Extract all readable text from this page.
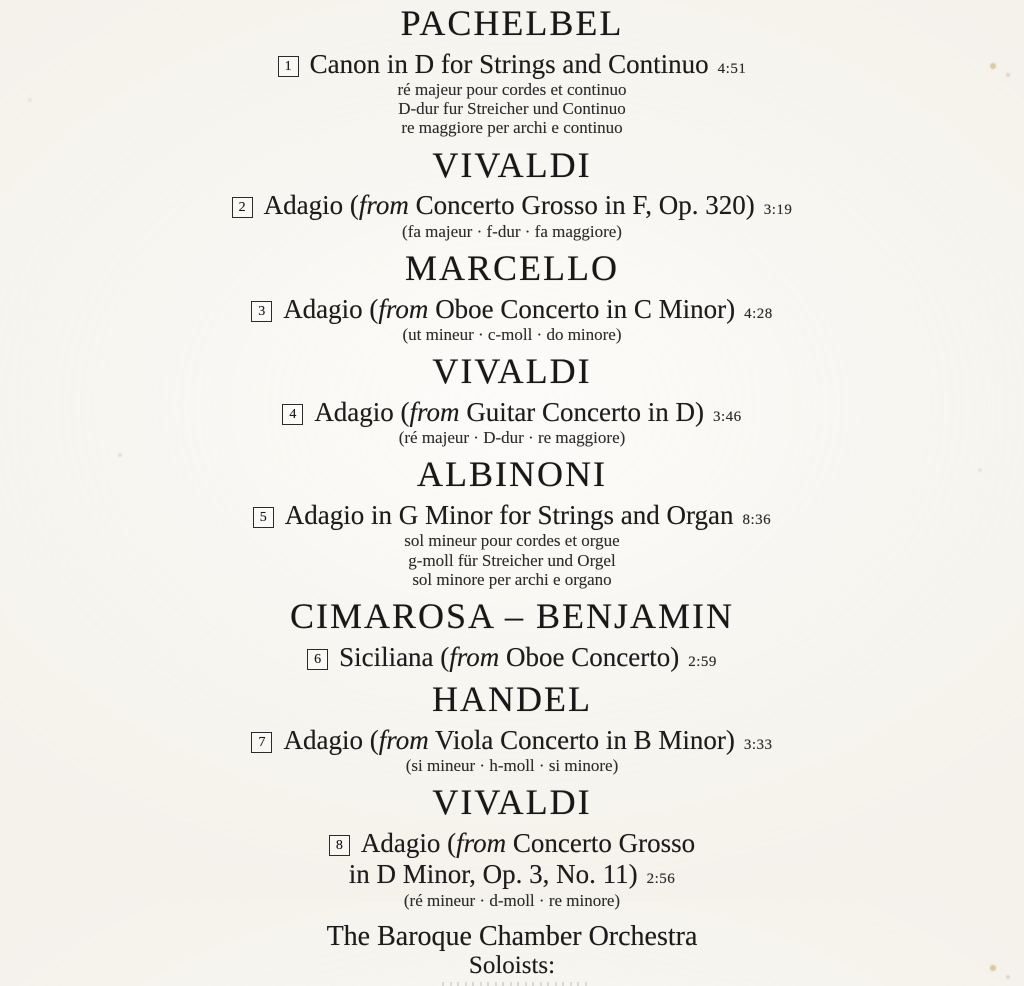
PACHELBEL
1 Canon in D for Strings and Continuo 4:51
ré majeur pour cordes et continuo
D-dur fur Streicher und Continuo
re maggiore per archi e continuo
VIVALDI
2 Adagio (from Concerto Grosso in F, Op. 320) 3:19
(fa majeur · f-dur · fa maggiore)
MARCELLO
3 Adagio (from Oboe Concerto in C Minor) 4:28
(ut mineur · c-moll · do minore)
VIVALDI
4 Adagio (from Guitar Concerto in D) 3:46
(ré majeur · D-dur · re maggiore)
ALBINONI
5 Adagio in G Minor for Strings and Organ 8:36
sol mineur pour cordes et orgue
g-moll für Streicher und Orgel
sol minore per archi e organo
CIMAROSA – BENJAMIN
6 Siciliana (from Oboe Concerto) 2:59
HANDEL
7 Adagio (from Viola Concerto in B Minor) 3:33
(si mineur · h-moll · si minore)
VIVALDI
8 Adagio (from Concerto Grosso
in D Minor, Op. 3, No. 11) 2:56
(ré mineur · d-moll · re minore)
The Baroque Chamber Orchestra
Soloists:
